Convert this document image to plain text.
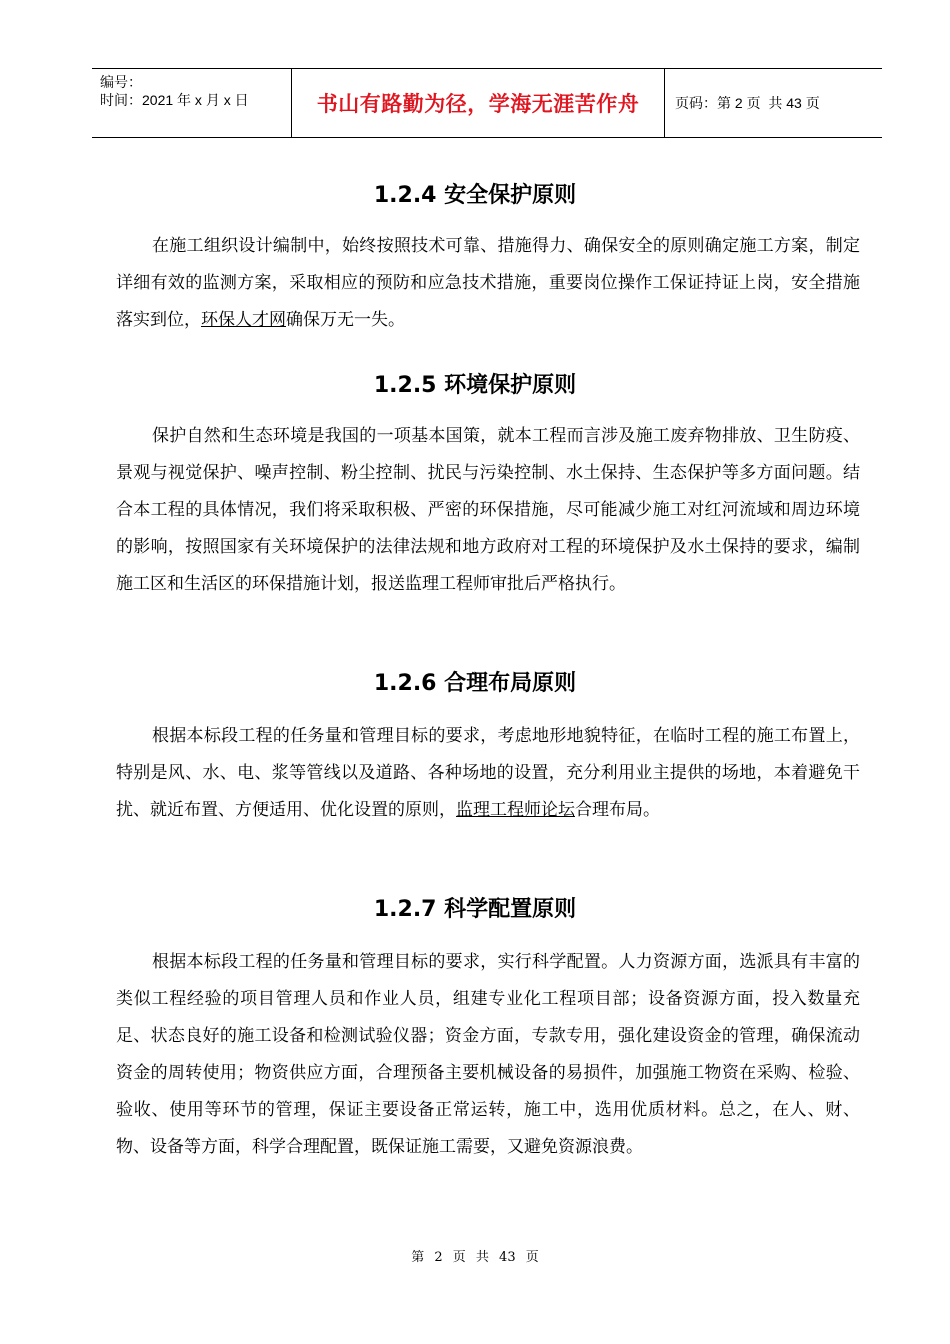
编号：
时间：2021 年 x 月 x 日	书山有路勤为径，学海无涯苦作舟	页码：第 2 页  共 43 页
1.2.4 安全保护原则

在施工组织设计编制中，始终按照技术可靠、措施得力、确保安全的原则确定施工方案，制定详细有效的监测方案，采取相应的预防和应急技术措施，重要岗位操作工保证持证上岗，安全措施落实到位，环保人才网确保万无一失。

1.2.5 环境保护原则

保护自然和生态环境是我国的一项基本国策，就本工程而言涉及施工废弃物排放、卫生防疫、景观与视觉保护、噪声控制、粉尘控制、扰民与污染控制、水土保持、生态保护等多方面问题。结合本工程的具体情况，我们将采取积极、严密的环保措施，尽可能减少施工对红河流域和周边环境的影响，按照国家有关环境保护的法律法规和地方政府对工程的环境保护及水土保持的要求，编制施工区和生活区的环保措施计划，报送监理工程师审批后严格执行。

1.2.6 合理布局原则

根据本标段工程的任务量和管理目标的要求，考虑地形地貌特征，在临时工程的施工布置上，特别是风、水、电、浆等管线以及道路、各种场地的设置，充分利用业主提供的场地，本着避免干扰、就近布置、方便适用、优化设置的原则，监理工程师论坛合理布局。

1.2.7 科学配置原则

根据本标段工程的任务量和管理目标的要求，实行科学配置。人力资源方面，选派具有丰富的类似工程经验的项目管理人员和作业人员，组建专业化工程项目部；设备资源方面，投入数量充足、状态良好的施工设备和检测试验仪器；资金方面，专款专用，强化建设资金的管理，确保流动资金的周转使用；物资供应方面，合理预备主要机械设备的易损件，加强施工物资在采购、检验、验收、使用等环节的管理，保证主要设备正常运转，施工中，选用优质材料。总之，在人、财、物、设备等方面，科学合理配置，既保证施工需要，又避免资源浪费。

第 2 页 共 43 页
